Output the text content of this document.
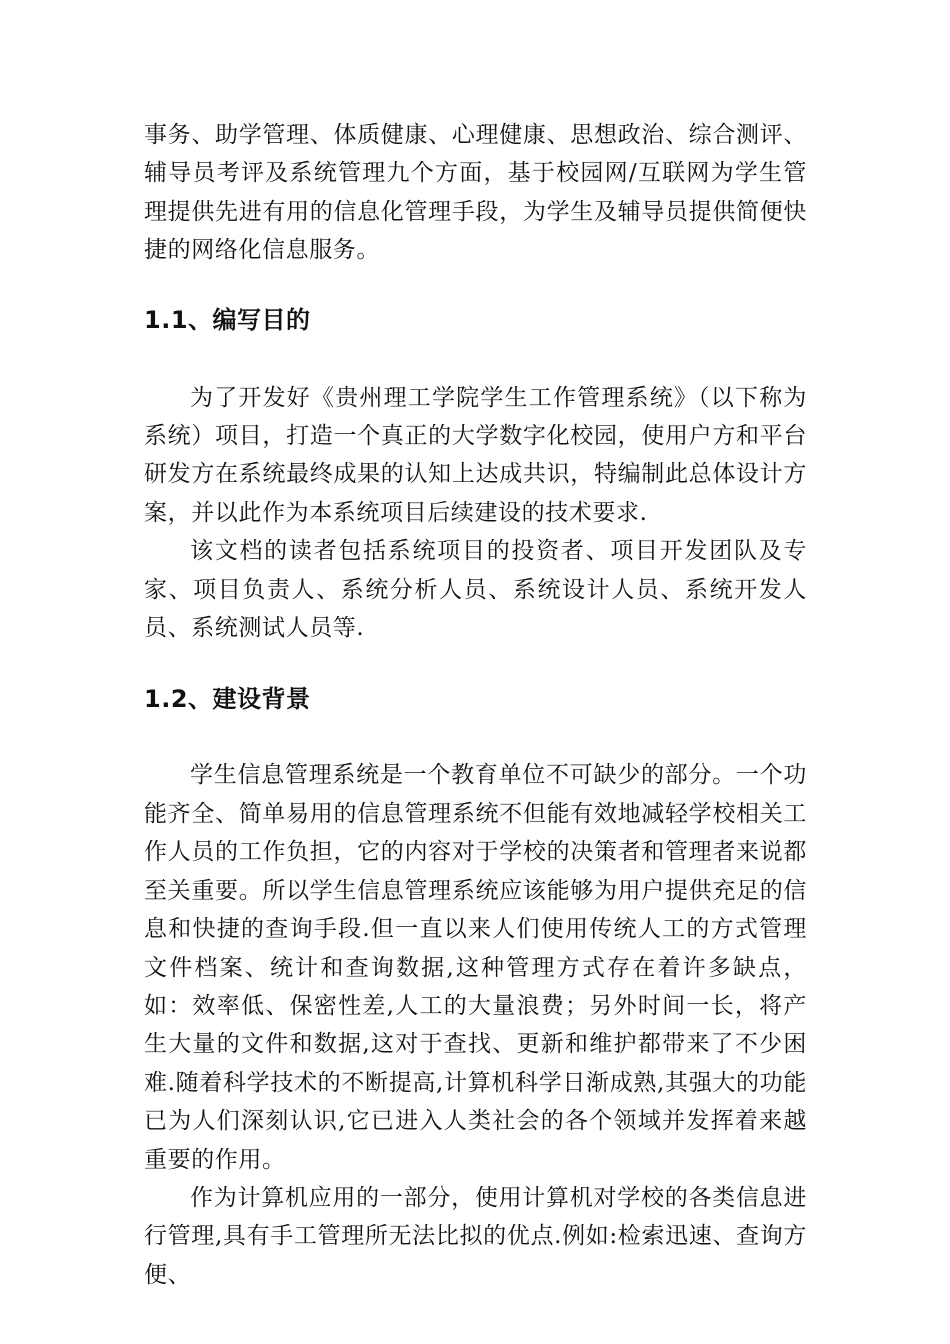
事务、助学管理、体质健康、心理健康、思想政治、综合测评、辅导员考评及系统管理九个方面，基于校园网/互联网为学生管理提供先进有用的信息化管理手段，为学生及辅导员提供简便快捷的网络化信息服务。

1.1、编写目的

为了开发好《贵州理工学院学生工作管理系统》（以下称为系统）项目，打造一个真正的大学数字化校园，使用户方和平台研发方在系统最终成果的认知上达成共识，特编制此总体设计方案，并以此作为本系统项目后续建设的技术要求.

该文档的读者包括系统项目的投资者、项目开发团队及专家、项目负责人、系统分析人员、系统设计人员、系统开发人员、系统测试人员等.

1.2、建设背景

学生信息管理系统是一个教育单位不可缺少的部分。一个功能齐全、简单易用的信息管理系统不但能有效地减轻学校相关工作人员的工作负担，它的内容对于学校的决策者和管理者来说都至关重要。所以学生信息管理系统应该能够为用户提供充足的信息和快捷的查询手段.但一直以来人们使用传统人工的方式管理文件档案、统计和查询数据,这种管理方式存在着许多缺点，如：效率低、保密性差,人工的大量浪费；另外时间一长，将产生大量的文件和数据,这对于查找、更新和维护都带来了不少困难.随着科学技术的不断提高,计算机科学日渐成熟,其强大的功能已为人们深刻认识,它已进入人类社会的各个领域并发挥着来越重要的作用。

作为计算机应用的一部分，使用计算机对学校的各类信息进行管理,具有手工管理所无法比拟的优点.例如:检索迅速、查询方便、
